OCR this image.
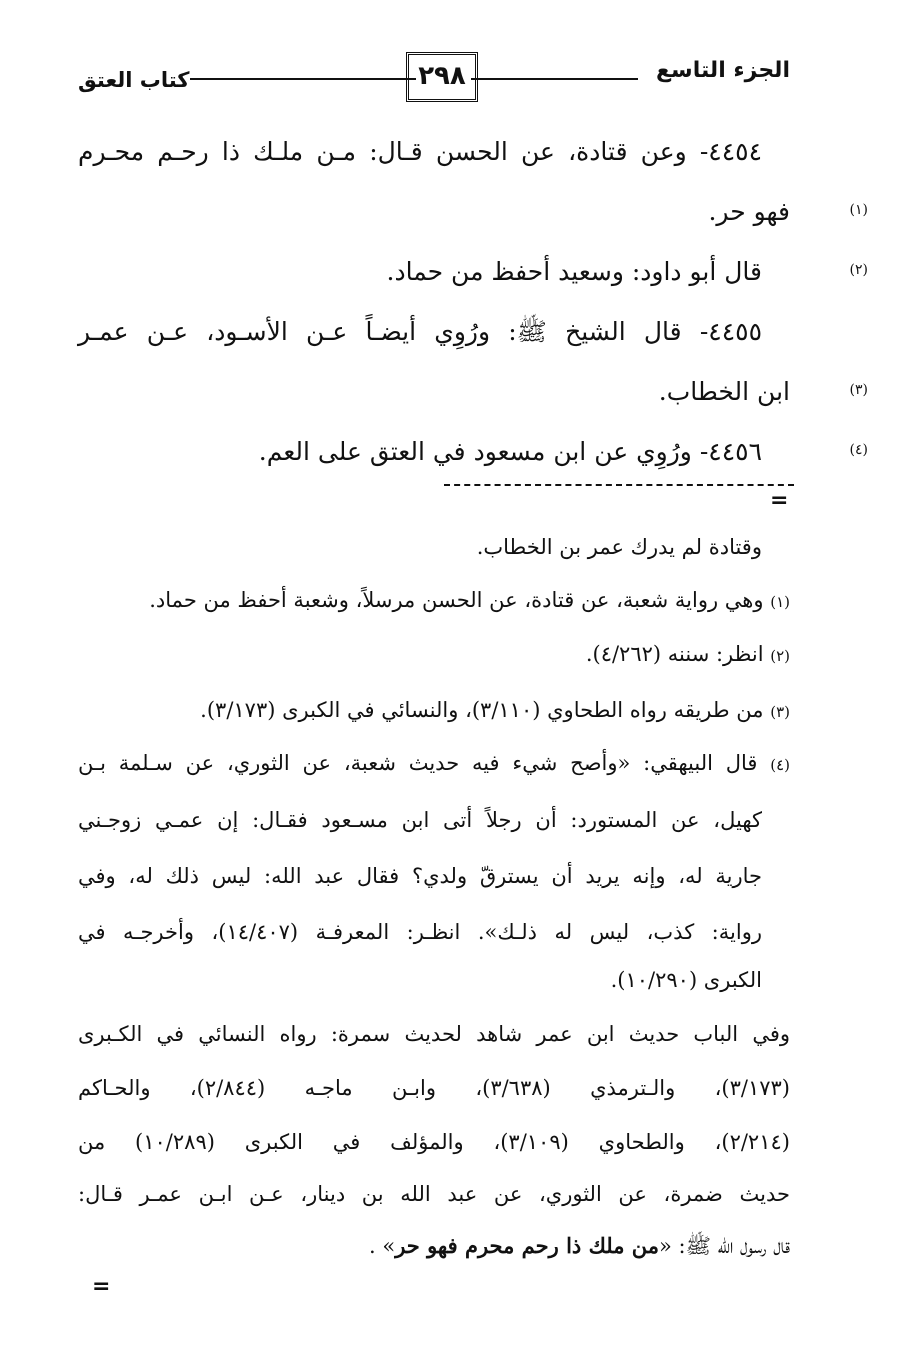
الجزء التاسع
٢٩٨
كتاب العتق
٤٤٥٤- وعن قتادة، عن الحسن قـال: مـن ملـك ذا رحـم محـرم
فهو حر	(١)
.
قال أبو داود: وسعيد أحفظ من حماد	(٢)
.
٤٤٥٥- قال الشيخ ﷺ: ورُوِي أيضـاً عـن الأسـود، عـن عمـر
ابن الخطاب	(٣)
.
٤٤٥٦- ورُوِي عن ابن مسعود في العتق على العم	(٤)
.
=
وقتادة لم يدرك عمر بن الخطاب.
(١) وهي رواية شعبة، عن قتادة، عن الحسن مرسلاً، وشعبة أحفظ من حماد.
(٢) انظر: سننه (٤/٢٦٢).
(٣) من طريقه رواه الطحاوي (٣/١١٠)، والنسائي في الكبرى (٣/١٧٣).
(٤) قال البيهقي: «وأصح شيء فيه حديث شعبة، عن الثوري، عن سـلمة بـن
كهيل، عن المستورد: أن رجلاً أتى ابن مسـعود فقـال: إن عمـي زوجـني
جارية له، وإنه يريد أن يسترقّ ولدي؟ فقال عبد الله: ليس ذلك له، وفي
رواية: كذب، ليس له ذلـك». انظـر: المعرفـة (١٤/٤٠٧)، وأخرجـه في
الكبرى (١٠/٢٩٠).
وفي الباب حديث ابن عمر شاهد لحديث سمرة: رواه النسائي في الكـبرى
(٣/١٧٣)، والـترمذي (٣/٦٣٨)، وابـن ماجـه (٢/٨٤٤)، والحـاكم
(٢/٢١٤)، والطحاوي (٣/١٠٩)، والمؤلف في الكبرى (١٠/٢٨٩) من
حديث ضمرة، عن الثوري، عن عبد الله بن دينار، عـن ابـن عمـر قـال:
قال رسول الله ﷺ: «من ملك ذا رحم محرم فهو حر» .
=
